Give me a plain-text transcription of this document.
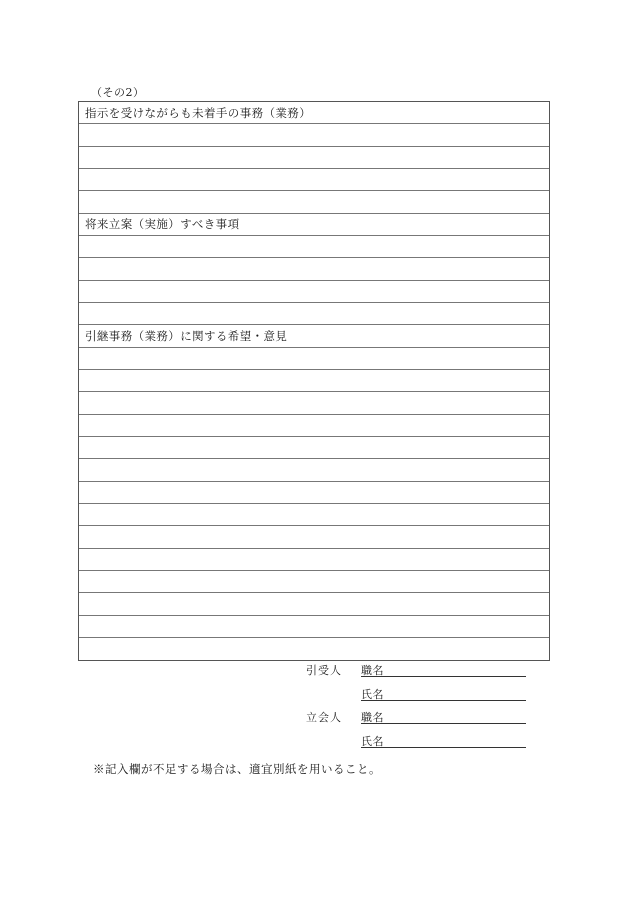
（その2）
指示を受けながらも未着手の事務（業務）
将来立案（実施）すべき事項
引継事務（業務）に関する希望・意見
引受人	職名
氏名
立会人	職名
氏名
※記入欄が不足する場合は、適宜別紙を用いること。
